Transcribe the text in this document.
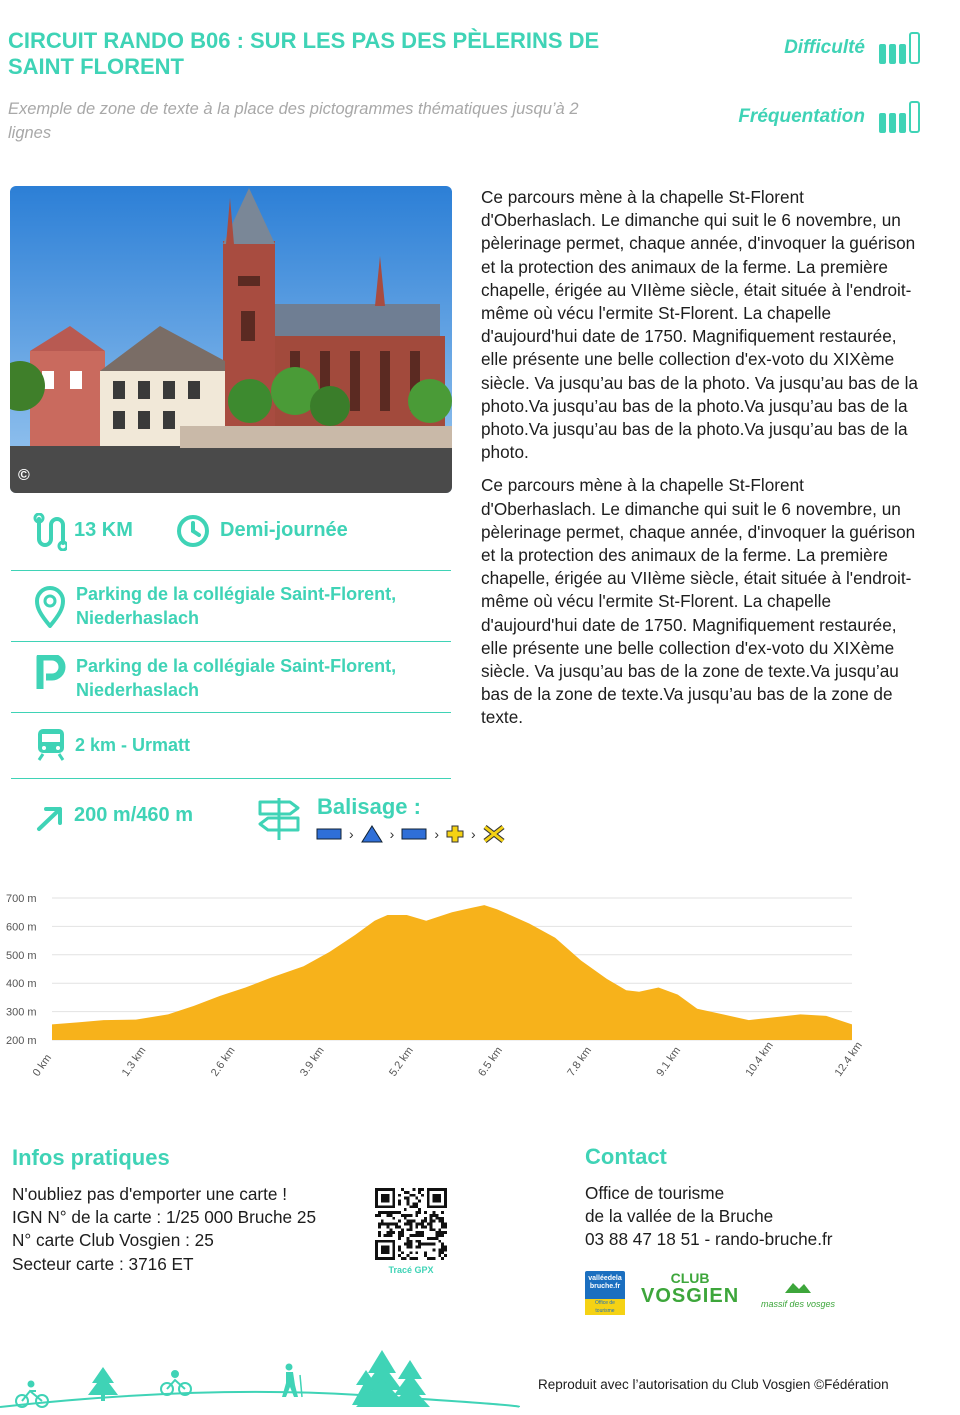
CIRCUIT RANDO B06 : SUR LES PAS DES PÈLERINS DE SAINT FLORENT
Exemple de zone de texte à la place des pictogrammes thématiques jusqu’à 2 lignes
Difficulté
Fréquentation
©

Ce parcours mène à la chapelle St-Florent d'Oberhaslach. Le dimanche qui suit le 6 novembre, un pèlerinage permet, chaque année, d'invoquer la guérison et la protection des animaux de la ferme. La première chapelle, érigée au VIIème siècle, était située à l'endroit- même où vécu l'ermite St-Florent. La chapelle d'aujourd'hui date de 1750. Magnifiquement restaurée, elle présente une belle collection d'ex-voto du XIXème siècle. Va jusqu’au bas de la photo. Va jusqu’au bas de la photo.Va jusqu’au bas de la photo.Va jusqu’au bas de la photo.Va jusqu’au bas de la photo.Va jusqu’au bas de la photo.

Ce parcours mène à la chapelle St-Florent d'Oberhaslach. Le dimanche qui suit le 6 novembre, un pèlerinage permet, chaque année, d'invoquer la guérison et la protection des animaux de la ferme. La première chapelle, érigée au VIIème siècle, était située à l'endroit- même où vécu l'ermite St-Florent. La chapelle d'aujourd'hui date de 1750. Magnifiquement restaurée, elle présente une belle collection d'ex-voto du XIXème siècle. Va jusqu’au bas de la zone de texte.Va jusqu’au bas de la zone de texte.Va jusqu’au bas de la zone de texte.

13 KM	Demi-journée
Parking de la collégiale Saint-Florent,
Niederhaslach
Parking de la collégiale Saint-Florent,
Niederhaslach
2 km - Urmatt
200 m/460 m	Balisage :
›	›	› ›
700 m
600 m
500 m
400 m
300 m
200 m
0 km	1.3 km	2.6 km	3.9 km	5.2 km	6.5 km	7.8 km	9.1 km	10.4 km	12.4 km
Infos pratiques
N'oubliez pas d'emporter une carte !
IGN N° de la carte : 1/25 000 Bruche 25
N° carte Club Vosgien : 25
Secteur carte : 3716 ET	Tracé GPX
Contact
Office de tourisme
de la vallée de la Bruche
03 88 47 18 51 - rando-bruche.fr
valléedela
bruche.fr
Office de tourisme
CLUB
VOSGIEN	massif des vosges
Reproduit avec l’autorisation du Club Vosgien ©Fédération
